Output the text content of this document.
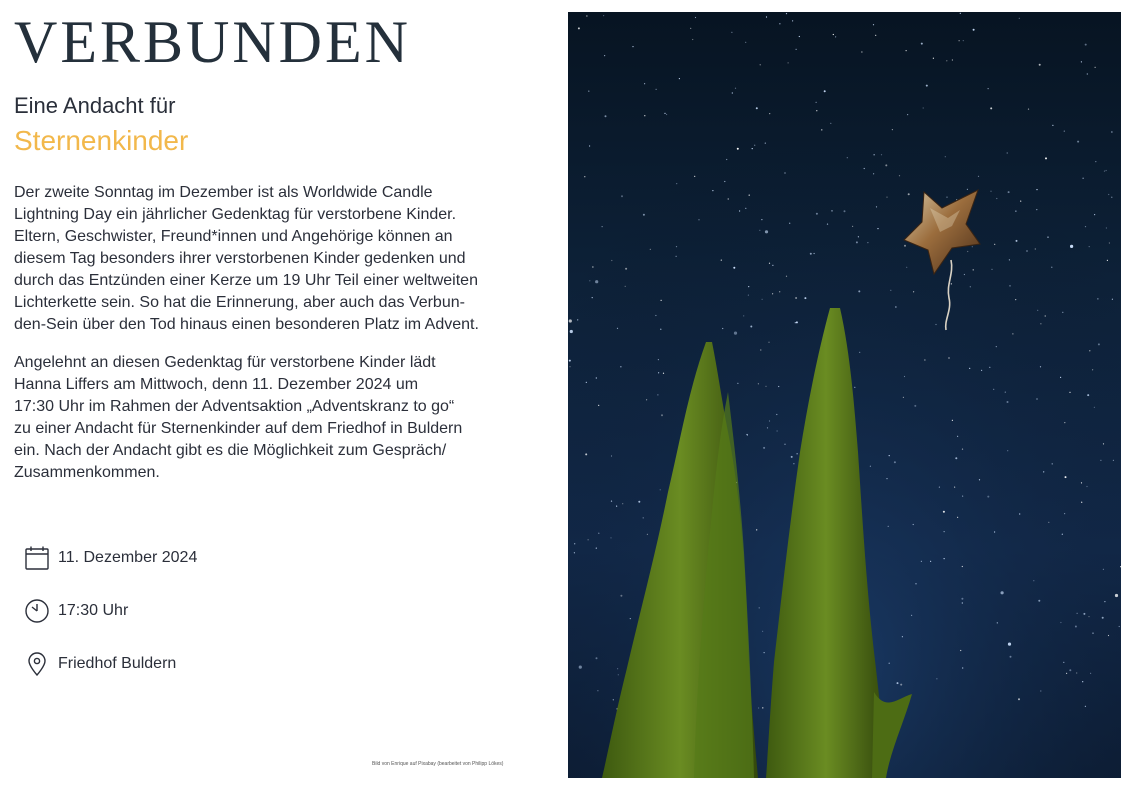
VERBUNDEN
Eine Andacht für
Sternenkinder

Der zweite Sonntag im Dezember ist als Worldwide Candle
Lightning Day ein jährlicher Gedenktag für verstorbene Kinder.
Eltern, Geschwister, Freund*innen und Angehörige können an
diesem Tag besonders ihrer verstorbenen Kinder gedenken und
durch das Entzünden einer Kerze um 19 Uhr Teil einer weltweiten
Lichterkette sein. So hat die Erinnerung, aber auch das Verbun-
den-Sein über den Tod hinaus einen besonderen Platz im Advent.

Angelehnt an diesen Gedenktag für verstorbene Kinder lädt
Hanna Liffers am Mittwoch, denn 11. Dezember 2024 um
17:30 Uhr im Rahmen der Adventsaktion „Adventskranz to go“
zu einer Andacht für Sternenkinder auf dem Friedhof in Buldern
ein. Nach der Andacht gibt es die Möglichkeit zum Gespräch/
Zusammenkommen.

11. Dezember 2024
17:30 Uhr
Friedhof Buldern
Bild von Enrique auf Pixabay (bearbeitet von Philipp Lökes)
